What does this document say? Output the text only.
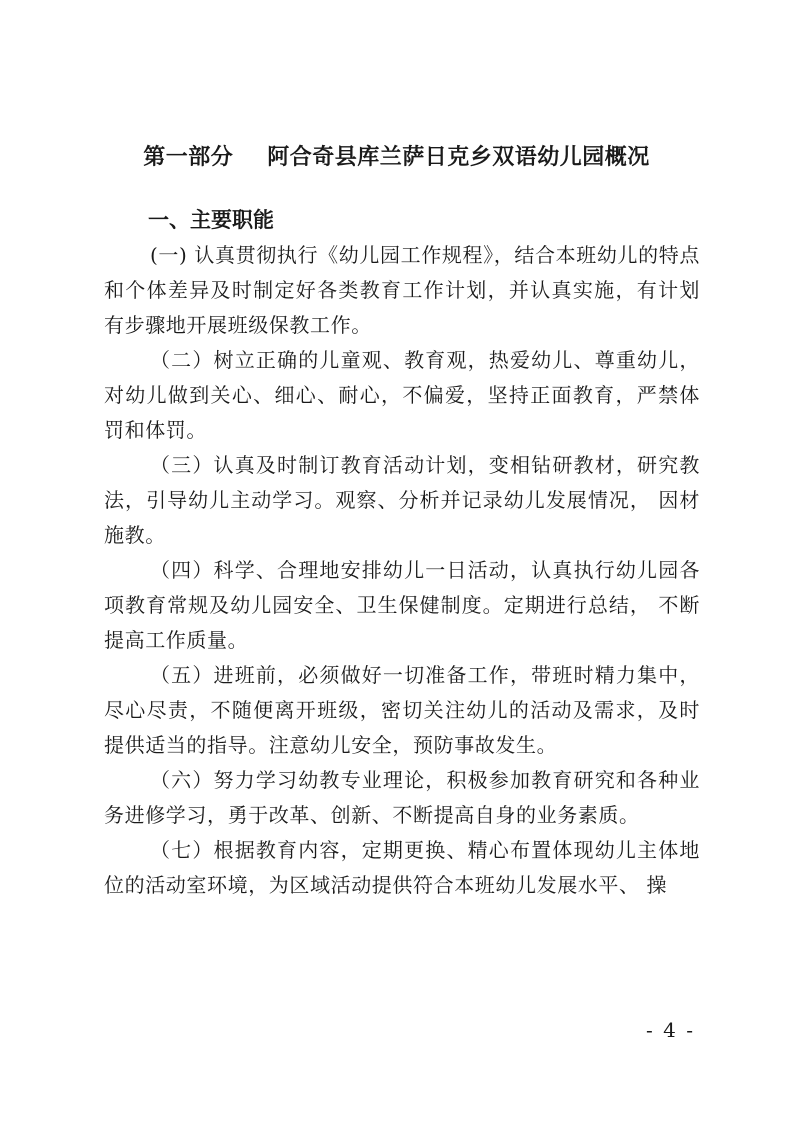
第一部分 阿合奇县库兰萨日克乡双语幼儿园概况
一、主要职能

(一) 认真贯彻执行《幼儿园工作规程》，结合本班幼儿的特点和个体差异及时制定好各类教育工作计划，并认真实施，有计划有步骤地开展班级保教工作。

（二）树立正确的儿童观、教育观，热爱幼儿、尊重幼儿，对幼儿做到关心、细心、耐心，不偏爱，坚持正面教育，严禁体罚和体罚。

（三）认真及时制订教育活动计划，变相钻研教材，研究教法，引导幼儿主动学习。观察、分析并记录幼儿发展情况， 因材施教。

（四）科学、合理地安排幼儿一日活动，认真执行幼儿园各项教育常规及幼儿园安全、卫生保健制度。定期进行总结， 不断提高工作质量。

（五）进班前，必须做好一切准备工作，带班时精力集中，尽心尽责，不随便离开班级，密切关注幼儿的活动及需求，及时提供适当的指导。注意幼儿安全，预防事故发生。

（六）努力学习幼教专业理论，积极参加教育研究和各种业务进修学习，勇于改革、创新、不断提高自身的业务素质。

（七）根据教育内容，定期更换、精心布置体现幼儿主体地位的活动室环境，为区域活动提供符合本班幼儿发展水平、 操

- 4 -
